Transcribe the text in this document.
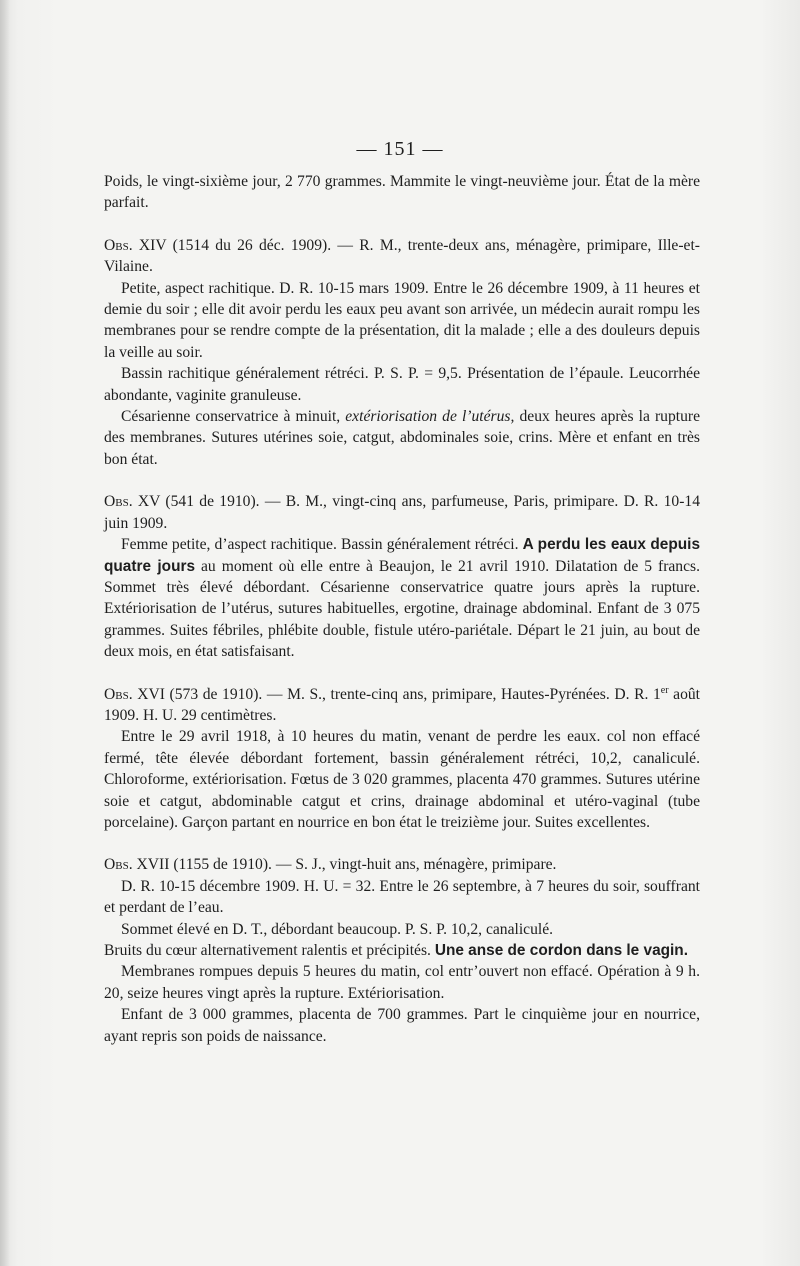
— 151 —

Poids, le vingt-sixième jour, 2 770 grammes. Mammite le vingt-neuvième jour. État de la mère parfait.

Obs. XIV (1514 du 26 déc. 1909). — R. M., trente-deux ans, ménagère, primipare, Ille-et-Vilaine.

Petite, aspect rachitique. D. R. 10-15 mars 1909. Entre le 26 décembre 1909, à 11 heures et demie du soir ; elle dit avoir perdu les eaux peu avant son arrivée, un médecin aurait rompu les membranes pour se rendre compte de la présentation, dit la malade ; elle a des douleurs depuis la veille au soir.

Bassin rachitique généralement rétréci. P. S. P. = 9,5. Présentation de l’épaule. Leucorrhée abondante, vaginite granuleuse.

Césarienne conservatrice à minuit, extériorisation de l’utérus, deux heures après la rupture des membranes. Sutures utérines soie, catgut, abdominales soie, crins. Mère et enfant en très bon état.

Obs. XV (541 de 1910). — B. M., vingt-cinq ans, parfumeuse, Paris, primipare. D. R. 10-14 juin 1909.

Femme petite, d’aspect rachitique. Bassin généralement rétréci. A perdu les eaux depuis quatre jours au moment où elle entre à Beaujon, le 21 avril 1910. Dilatation de 5 francs. Sommet très élevé débordant. Césarienne conservatrice quatre jours après la rupture. Extériorisation de l’utérus, sutures habituelles, ergotine, drainage abdominal. Enfant de 3 075 grammes. Suites fébriles, phlébite double, fistule utéro-pariétale. Départ le 21 juin, au bout de deux mois, en état satisfaisant.

Obs. XVI (573 de 1910). — M. S., trente-cinq ans, primipare, Hautes-Pyrénées. D. R. 1er août 1909. H. U. 29 centimètres.

Entre le 29 avril 1918, à 10 heures du matin, venant de perdre les eaux. col non effacé fermé, tête élevée débordant fortement, bassin généralement rétréci, 10,2, canaliculé. Chloroforme, extériorisation. Fœtus de 3 020 grammes, placenta 470 grammes. Sutures utérine soie et catgut, abdominable catgut et crins, drainage abdominal et utéro-vaginal (tube porcelaine). Garçon partant en nourrice en bon état le treizième jour. Suites excellentes.

Obs. XVII (1155 de 1910). — S. J., vingt-huit ans, ménagère, primipare.

D. R. 10-15 décembre 1909. H. U. = 32. Entre le 26 septembre, à 7 heures du soir, souffrant et perdant de l’eau.

Sommet élevé en D. T., débordant beaucoup. P. S. P. 10,2, canaliculé.

Bruits du cœur alternativement ralentis et précipités. Une anse de cordon dans le vagin.

Membranes rompues depuis 5 heures du matin, col entr’ouvert non effacé. Opération à 9 h. 20, seize heures vingt après la rupture. Extériorisation.

Enfant de 3 000 grammes, placenta de 700 grammes. Part le cinquième jour en nourrice, ayant repris son poids de naissance.
